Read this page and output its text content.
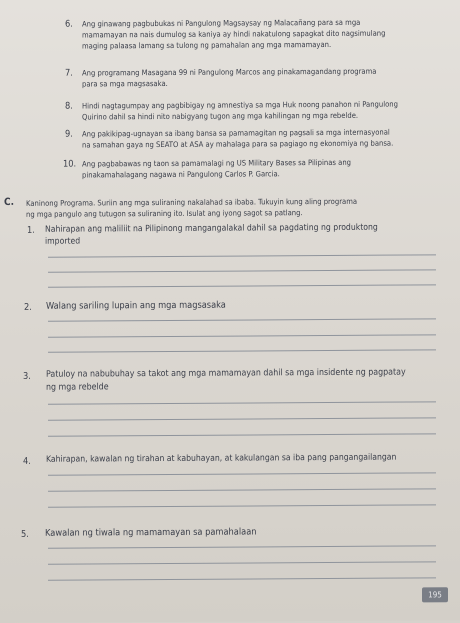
6. Ang ginawang pagbubukas ni Pangulong Magsaysay ng Malacañang para sa mga
mamamayan na nais dumulog sa kaniya ay hindi nakatulong sapagkat dito nagsimulang
maging palaasa lamang sa tulong ng pamahalan ang mga mamamayan.
7. Ang programang Masagana 99 ni Pangulong Marcos ang pinakamagandang programa
para sa mga magsasaka.
8. Hindi nagtagumpay ang pagbibigay ng amnestiya sa mga Huk noong panahon ni Pangulong
Quirino dahil sa hindi nito nabigyang tugon ang mga kahilingan ng mga rebelde.
9. Ang pakikipag-ugnayan sa ibang bansa sa pamamagitan ng pagsali sa mga internasyonal
na samahan gaya ng SEATO at ASA ay mahalaga para sa pagiago ng ekonomiya ng bansa.
10. Ang pagbabawas ng taon sa pamamalagi ng US Military Bases sa Pilipinas ang
pinakamahalagang nagawa ni Pangulong Carlos P. Garcia.
C. Kaninong Programa. Suriin ang mga suliraning nakalahad sa ibaba. Tukuyin kung aling programa
ng mga pangulo ang tutugon sa suliraning ito. Isulat ang iyong sagot sa patlang.
1. Nahirapan ang maliliit na Pilipinong mangangalakal dahil sa pagdating ng produktong
imported
2. Walang sariling lupain ang mga magsasaka
3. Patuloy na nabubuhay sa takot ang mga mamamayan dahil sa mga insidente ng pagpatay
ng mga rebelde
4. Kahirapan, kawalan ng tirahan at kabuhayan, at kakulangan sa iba pang pangangailangan
5. Kawalan ng tiwala ng mamamayan sa pamahalaan
195
